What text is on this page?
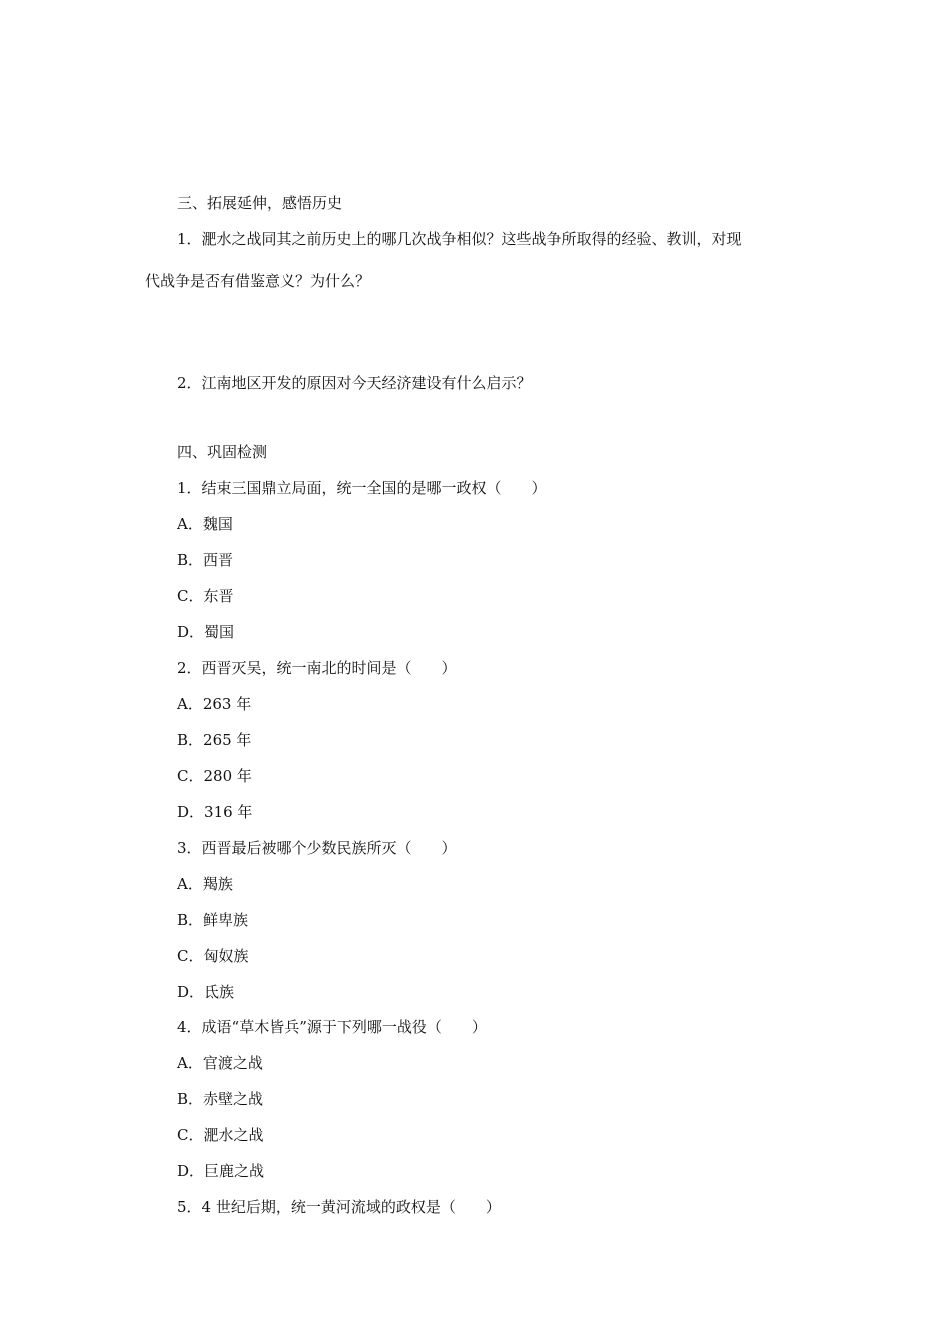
三、拓展延伸，感悟历史
1．淝水之战同其之前历史上的哪几次战争相似？这些战争所取得的经验、教训，对现
代战争是否有借鉴意义？为什么？
2．江南地区开发的原因对今天经济建设有什么启示？
四、巩固检测
1．结束三国鼎立局面，统一全国的是哪一政权（　　）
A．魏国
B．西晋
C．东晋
D．蜀国
2．西晋灭吴，统一南北的时间是（　　）
A．263 年
B．265 年
C．280 年
D．316 年
3．西晋最后被哪个少数民族所灭（　　）
A．羯族
B．鲜卑族
C．匈奴族
D．氐族
4．成语“草木皆兵”源于下列哪一战役（　　）
A．官渡之战
B．赤壁之战
C．淝水之战
D．巨鹿之战
5．4 世纪后期，统一黄河流域的政权是（　　）
